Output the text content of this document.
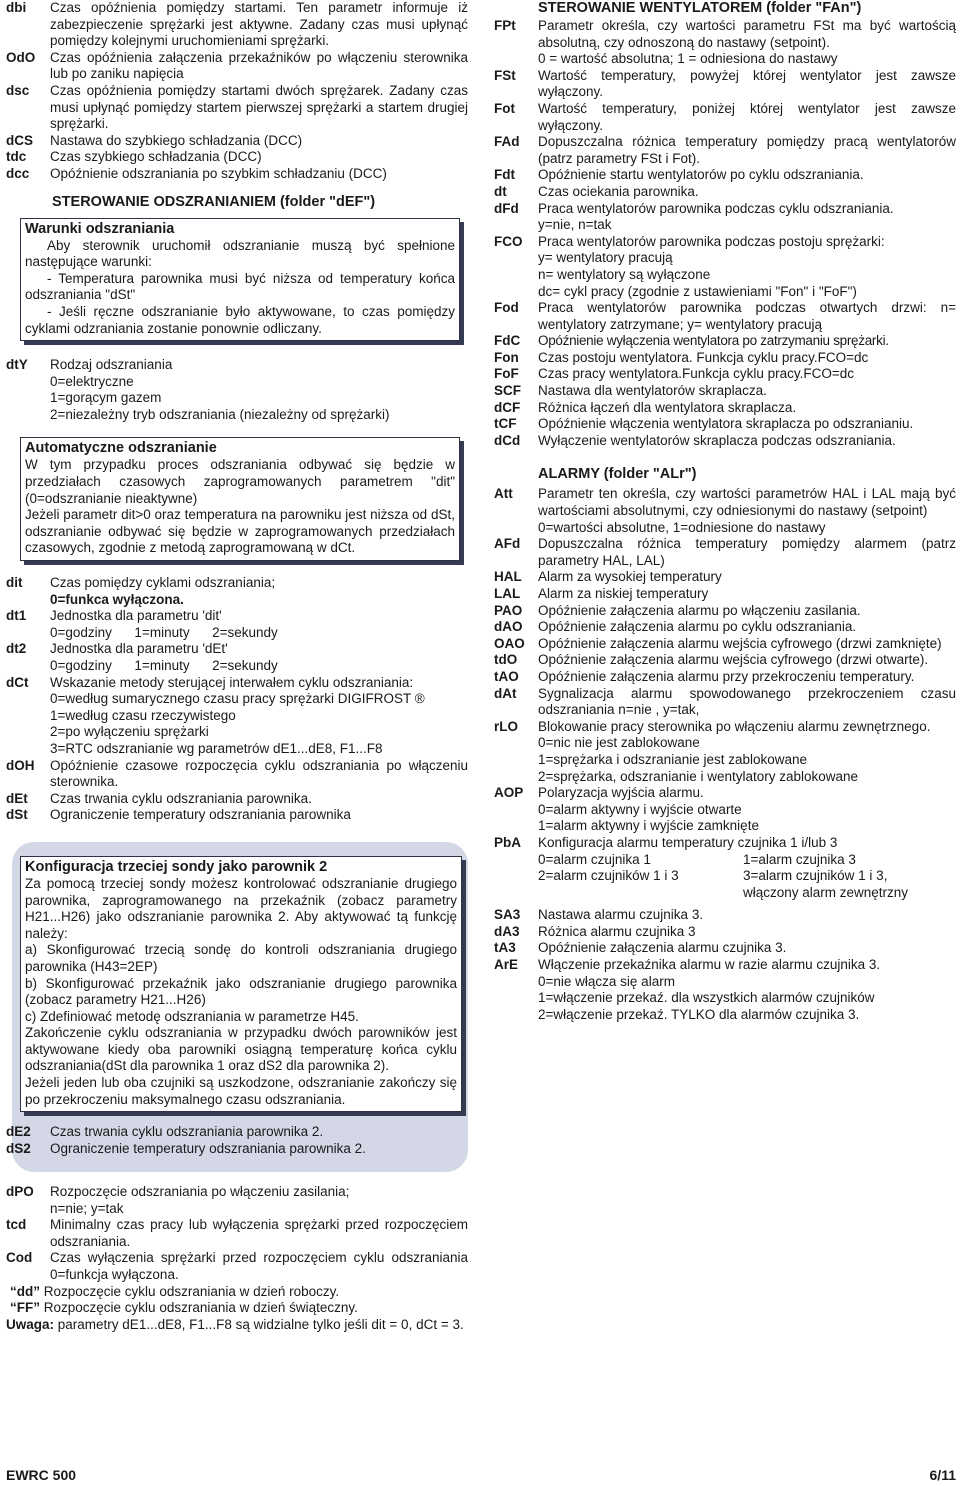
dbi Czas opóźnienia pomiędzy startami. Ten parametr informuje iż zabezpieczenie sprężarki jest aktywne. Zadany czas musi upłynąć pomiędzy kolejnymi uruchomieniami sprężarki.
OdO Czas opóźnienia załączenia przekaźników po włączeniu sterownika lub po zaniku napięcia
dsc Czas opóźnienia pomiędzy startami dwóch sprężarek. Zadany czas musi upłynąć pomiędzy startem pierwszej sprężarki a startem drugiej sprężarki.
dCS Nastawa do szybkiego schładzania (DCC)
tdc Czas szybkiego schładzania (DCC)
dcc Opóźnienie odszraniania po szybkim schładzaniu (DCC)
STEROWANIE ODSZRANIANIEM (folder "dEF")
Warunki odszraniania
Aby sterownik uruchomił odszranianie muszą być spełnione następujące warunki:
- Temperatura parownika musi być niższa od temperatury końca odszraniania "dSt"
- Jeśli ręczne odszranianie było aktywowane, to czas pomiędzy cyklami odzraniania zostanie ponownie odliczany.
dtY Rodzaj odszraniania
0=elektryczne
1=gorącym gazem
2=niezależny tryb odszraniania (niezależny od sprężarki)
Automatyczne odszranianie
W tym przypadku proces odszraniania odbywać się będzie w przedziałach czasowych zaprogramowanych parametrem "dit" (0=odszranianie nieaktywne)
Jeżeli parametr dit>0 oraz temperatura na parowniku jest niższa od dSt, odszranianie odbywać się będzie w zaprogramowanych przedziałach czasowych, zgodnie z metodą zaprogramowaną w dCt.
dit Czas pomiędzy cyklami odszraniania;
0=funkca wyłączona.
dt1 Jednostka dla parametru 'dit'
0=godziny      1=minuty      2=sekundy
dt2 Jednostka dla parametru 'dEt'
0=godziny      1=minuty      2=sekundy
dCt Wskazanie metody sterującej interwałem cyklu odszraniania:
0=według sumarycznego czasu pracy sprężarki DIGIFROST ®
1=według czasu rzeczywistego
2=po wyłączeniu sprężarki
3=RTC odszranianie wg parametrów dE1...dE8, F1...F8
dOH Opóźnienie czasowe rozpoczęcia cyklu odszraniania po włączeniu sterownika.
dEt Czas trwania cyklu odszraniania parownika.
dSt Ograniczenie temperatury odszraniania parownika
Konfiguracja trzeciej sondy jako parownik 2
Za pomocą trzeciej sondy możesz kontrolować odszranianie drugiego parownika, zaprogramowanego na przekaźnik (zobacz parametry H21...H26) jako odszranianie parownika 2. Aby aktywować tą funkcję należy:
a) Skonfigurować trzecią sondę do kontroli odszraniania drugiego parownika (H43=2EP)
b) Skonfigurować przekaźnik jako odszranianie drugiego parownika (zobacz parametry H21...H26)
c) Zdefiniować metodę odszraniania w parametrze H45.
Zakończenie cyklu odszraniania w przypadku dwóch parowników jest aktywowane kiedy oba parowniki osiągną temperaturę końca cyklu odszraniania(dSt dla parownika 1 oraz dS2 dla parownika 2).
Jeżeli jeden lub oba czujniki są uszkodzone, odszranianie zakończy się po przekroczeniu maksymalnego czasu odszraniania.
dE2 Czas trwania cyklu odszraniania parownika 2.
dS2 Ograniczenie temperatury odszraniania parownika 2.
dPO Rozpoczęcie odszraniania po włączeniu zasilania;
n=nie; y=tak
tcd Minimalny czas pracy lub wyłączenia sprężarki przed rozpoczęciem odszraniania.
Cod Czas wyłączenia sprężarki przed rozpoczęciem cyklu odszraniania 0=funkcja wyłączona.
“dd” Rozpoczęcie cyklu odszraniania w dzień roboczy.
“FF” Rozpoczęcie cyklu odszraniania w dzień świąteczny.
Uwaga: parametry dE1...dE8, F1...F8 są widzialne tylko jeśli dit = 0, dCt = 3.
STEROWANIE WENTYLATOREM (folder "FAn")
FPt Parametr określa, czy wartości parametru FSt ma być wartością absolutną, czy odnoszoną do nastawy (setpoint).
0 = wartość absolutna; 1 = odniesiona do nastawy
FSt Wartość temperatury, powyżej której wentylator jest zawsze wyłączony.
Fot Wartość temperatury, poniżej której wentylator jest zawsze wyłączony.
FAd Dopuszczalna różnica temperatury pomiędzy pracą wentylatorów (patrz parametry FSt i Fot).
Fdt Opóźnienie startu wentylatorów po cyklu odszraniania.
dt Czas ociekania parownika.
dFd Praca wentylatorów parownika podczas cyklu odszraniania.
y=nie, n=tak
FCO Praca wentylatorów parownika podczas postoju sprężarki:
y= wentylatory pracują
n= wentylatory są wyłączone
dc= cykl pracy (zgodnie z ustawieniami "Fon" i "FoF")
Fod Praca wentylatorów parownika podczas otwartych drzwi: n= wentylatory zatrzymane; y= wentylatory pracują
FdC Opóźnienie wyłączenia wentylatora po zatrzymaniu sprężarki.
Fon Czas postoju wentylatora. Funkcja cyklu pracy.FCO=dc
FoF Czas pracy wentylatora.Funkcja cyklu pracy.FCO=dc
SCF Nastawa dla wentylatorów skraplacza.
dCF Różnica łączeń dla wentylatora skraplacza.
tCF Opóźnienie włączenia wentylatora skraplacza po odszranianiu.
dCd Wyłączenie wentylatorów skraplacza podczas odszraniania.
ALARMY (folder "ALr")
Att Parametr ten określa, czy wartości parametrów HAL i LAL mają być wartościami absolutnymi, czy odniesionymi do nastawy (setpoint)
0=wartości absolutne, 1=odniesione do nastawy
AFd Dopuszczalna różnica temperatury pomiędzy alarmem (patrz parametry HAL, LAL)
HAL Alarm za wysokiej temperatury
LAL Alarm za niskiej temperatury
PAO Opóźnienie załączenia alarmu po włączeniu zasilania.
dAO Opóźnienie załączenia alarmu po cyklu odszraniania.
OAO Opóźnienie załączenia alarmu wejścia cyfrowego (drzwi zamknięte)
tdO Opóźnienie załączenia alarmu wejścia cyfrowego (drzwi otwarte).
tAO Opóźnienie załączenia alarmu przy przekroczeniu temperatury.
dAt Sygnalizacja alarmu spowodowanego przekroczeniem czasu odszraniania n=nie , y=tak,
rLO Blokowanie pracy sterownika po włączeniu alarmu zewnętrznego.
0=nic nie jest zablokowane
1=sprężarka i odszranianie jest zablokowane
2=sprężarka, odszranianie i wentylatory zablokowane
AOP Polaryzacja wyjścia alarmu.
0=alarm aktywny i wyjście otwarte
1=alarm aktywny i wyjście zamknięte
PbA Konfiguracja alarmu temperatury czujnika 1 i/lub 3
0=alarm czujnika 1	1=alarm czujnika 3
2=alarm czujników 1 i 3	3=alarm czujników 1 i 3,
włączony alarm zewnętrzny
SA3 Nastawa alarmu czujnika 3.
dA3 Różnica alarmu czujnika 3
tA3 Opóźnienie załączenia alarmu czujnika 3.
ArE Włączenie przekaźnika alarmu w razie alarmu czujnika 3.
0=nie włącza się alarm
1=włączenie przekaź. dla wszystkich alarmów czujników
2=włączenie przekaź. TYLKO dla alarmów czujnika 3.
EWRC 500	6/11
